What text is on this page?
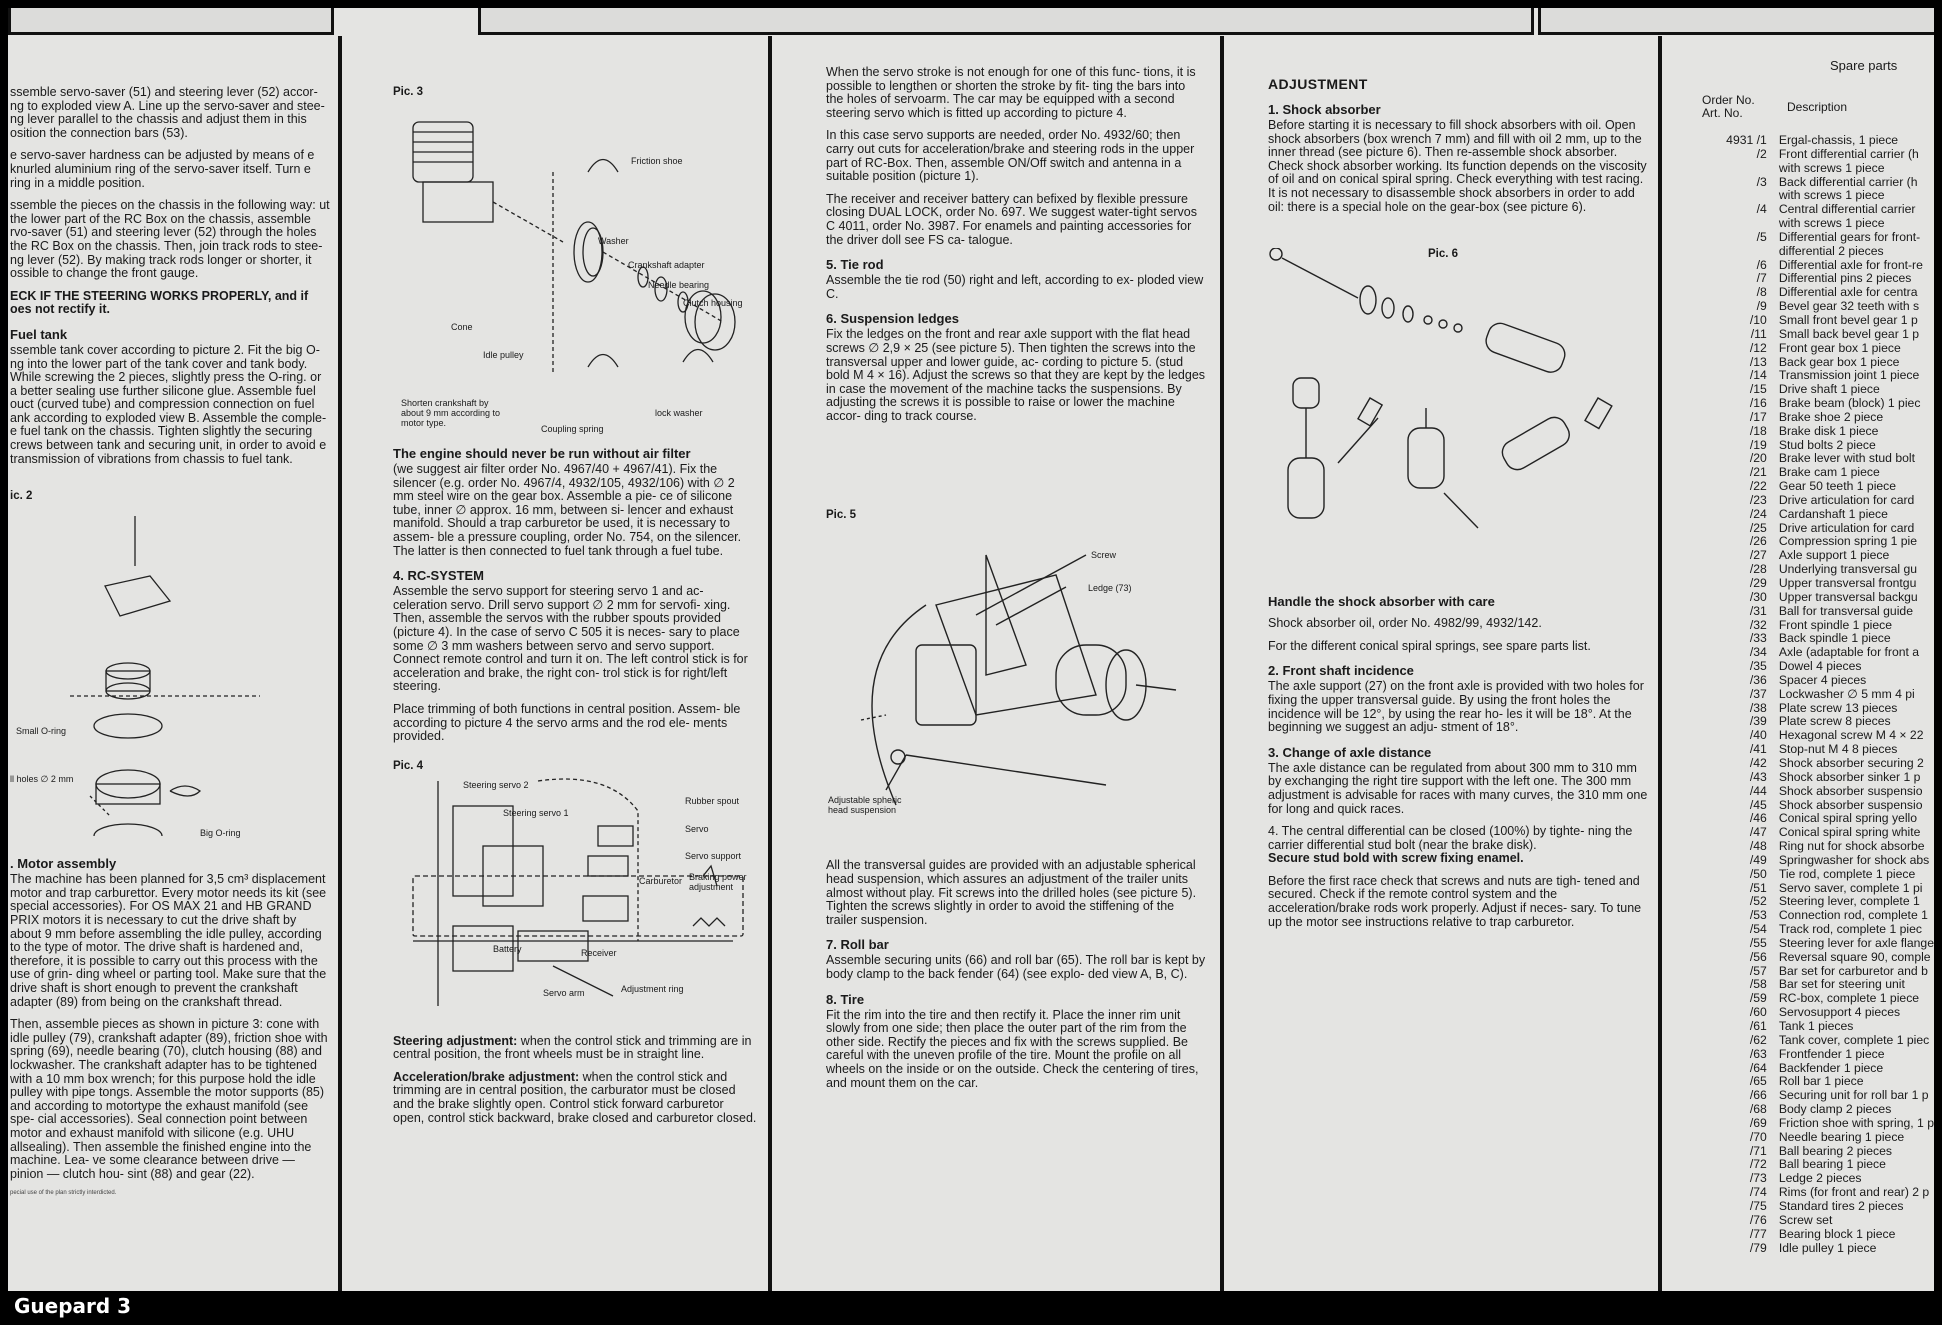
ssemble servo-saver (51) and steering lever (52) accor- ng to exploded view A. Line up the servo-saver and stee- ng lever parallel to the chassis and adjust them in this osition the connection bars (53).

e servo-saver hardness can be adjusted by means of e knurled aluminium ring of the servo-saver itself. Turn e ring in a middle position.

ssemble the pieces on the chassis in the following way: ut the lower part of the RC Box on the chassis, assemble rvo-saver (51) and steering lever (52) through the holes the RC Box on the chassis. Then, join track rods to stee- ng lever (52). By making track rods longer or shorter, it ossible to change the front gauge.

ECK IF THE STEERING WORKS PROPERLY, and if oes not rectify it.

Fuel tank

ssemble tank cover according to picture 2. Fit the big O- ng into the lower part of the tank cover and tank body. While screwing the 2 pieces, slightly press the O-ring. or a better sealing use further silicone glue. Assemble fuel ouct (curved tube) and compression connection on fuel ank according to exploded view B. Assemble the comple- e fuel tank on the chassis. Tighten slightly the securing crews between tank and securing unit, in order to avoid e transmission of vibrations from chassis to fuel tank.

ic. 2
Small O-ring
ll holes ∅ 2 mm
Big O-ring
. Motor assembly

The machine has been planned for 3,5 cm³ displacement motor and trap carburettor. Every motor needs its kit (see special accessories). For OS MAX 21 and HB GRAND PRIX motors it is necessary to cut the drive shaft by about 9 mm before assembling the idle pulley, according to the type of motor. The drive shaft is hardened and, therefore, it is possible to carry out this process with the use of grin- ding wheel or parting tool. Make sure that the drive shaft is short enough to prevent the crankshaft adapter (89) from being on the crankshaft thread.

Then, assemble pieces as shown in picture 3: cone with idle pulley (79), crankshaft adapter (89), friction shoe with spring (69), needle bearing (70), clutch housing (88) and lockwasher. The crankshaft adapter has to be tightened with a 10 mm box wrench; for this purpose hold the idle pulley with pipe tongs. Assemble the motor supports (85) and according to motortype the exhaust manifold (see spe- cial accessories). Seal connection point between motor and exhaust manifold with silicone (e.g. UHU allsealing). Then assemble the finished engine into the machine. Lea- ve some clearance between drive — pinion — clutch hou- sint (88) and gear (22).

pecial use of the plan strictly interdicted.
Pic. 3
Friction shoe
Washer
Crankshaft adapter
Needle bearing
Clutch housing
Cone
Idle pulley
lock washer
Shorten crankshaft by about 9 mm according to motor type.
Coupling spring
The engine should never be run without air filter

(we suggest air filter order No. 4967/40 + 4967/41). Fix the silencer (e.g. order No. 4967/4, 4932/105, 4932/106) with ∅ 2 mm steel wire on the gear box. Assemble a pie- ce of silicone tube, inner ∅ approx. 16 mm, between si- lencer and exhaust manifold. Should a trap carburetor be used, it is necessary to assem- ble a pressure coupling, order No. 754, on the silencer. The latter is then connected to fuel tank through a fuel tube.

4. RC-SYSTEM

Assemble the servo support for steering servo 1 and ac- celeration servo. Drill servo support ∅ 2 mm for servofi- xing. Then, assemble the servos with the rubber spouts provided (picture 4). In the case of servo C 505 it is neces- sary to place some ∅ 3 mm washers between servo and servo support. Connect remote control and turn it on. The left control stick is for acceleration and brake, the right con- trol stick is for right/left steering.

Place trimming of both functions in central position. Assem- ble according to picture 4 the servo arms and the rod ele- ments provided.

Pic. 4
Steering servo 2
Steering servo 1
Rubber spout
Servo
Servo support
Carburetor Braking power adjustment
Battery	Receiver
Servo arm	Adjustment ring

Steering adjustment: when the control stick and trimming are in central position, the front wheels must be in straight line.

Acceleration/brake adjustment: when the control stick and trimming are in central position, the carburator must be closed and the brake slightly open. Control stick forward carburetor open, control stick backward, brake closed and carburetor closed.

When the servo stroke is not enough for one of this func- tions, it is possible to lengthen or shorten the stroke by fit- ting the bars into the holes of servoarm. The car may be equipped with a second steering servo which is fitted up according to picture 4.

In this case servo supports are needed, order No. 4932/60; then carry out cuts for acceleration/brake and steering rods in the upper part of RC-Box. Then, assemble ON/Off switch and antenna in a suitable position (picture 1).

The receiver and receiver battery can befixed by flexible pressure closing DUAL LOCK, order No. 697. We suggest water-tight servos C 4011, order No. 3987. For enamels and painting accessories for the driver doll see FS ca- talogue.

5. Tie rod

Assemble the tie rod (50) right and left, according to ex- ploded view C.

6. Suspension ledges

Fix the ledges on the front and rear axle support with the flat head screws ∅ 2,9 × 25 (see picture 5). Then tighten the screws into the transversal upper and lower guide, ac- cording to picture 5. (stud bold M 4 × 16). Adjust the screws so that they are kept by the ledges in case the movement of the machine tacks the suspensions. By adjusting the screws it is possible to raise or lower the machine accor- ding to track course.

Pic. 5
Screw
Ledge (73)
Adjustable spheric head suspension

All the transversal guides are provided with an adjustable spherical head suspension, which assures an adjustment of the trailer units almost without play. Fit screws into the drilled holes (see picture 5). Tighten the screws slightly in order to avoid the stiffening of the trailer suspension.

7. Roll bar

Assemble securing units (66) and roll bar (65). The roll bar is kept by body clamp to the back fender (64) (see explo- ded view A, B, C).

8. Tire

Fit the rim into the tire and then rectify it. Place the inner rim unit slowly from one side; then place the outer part of the rim from the other side. Rectify the pieces and fix with the screws supplied. Be careful with the uneven profile of the tire. Mount the profile on all wheels on the inside or on the outside. Check the centering of tires, and mount them on the car.

ADJUSTMENT
1. Shock absorber

Before starting it is necessary to fill shock absorbers with oil. Open shock absorbers (box wrench 7 mm) and fill with oil 2 mm, up to the inner thread (see picture 6). Then re-assemble shock absorber. Check shock absorber working. Its function depends on the viscosity of oil and on conical spiral spring. Check everything with test racing. It is not necessary to disassemble shock absorbers in order to add oil: there is a special hole on the gear-box (see picture 6).

Pic. 6
Handle the shock absorber with care

Shock absorber oil, order No. 4982/99, 4932/142.

For the different conical spiral springs, see spare parts list.

2. Front shaft incidence

The axle support (27) on the front axle is provided with two holes for fixing the upper transversal guide. By using the front holes the incidence will be 12°, by using the rear ho- les it will be 18°. At the beginning we suggest an adju- stment of 18°.

3. Change of axle distance

The axle distance can be regulated from about 300 mm to 310 mm by exchanging the right tire support with the left one. The 300 mm adjustment is advisable for races with many curves, the 310 mm one for long and quick races.

4. The central differential can be closed (100%) by tighte- ning the carrier differential stud bolt (near the brake disk).

Secure stud bold with screw fixing enamel.

Before the first race check that screws and nuts are tigh- tened and secured. Check if the remote control system and the acceleration/brake rods work properly. Adjust if neces- sary. To tune up the motor see instructions relative to trap carburetor.

Spare parts
Order No.
Art. No.	Description
4931 /1	Ergal-chassis, 1 piece
/2	Front differential carrier (h
	with screws 1 piece
/3	Back differential carrier (h
	with screws 1 piece
/4	Central differential carrier
	with screws 1 piece
/5	Differential gears for front-
	differential 2 pieces
/6	Differential axle for front-re
/7	Differential pins 2 pieces
/8	Differential axle for centra
/9	Bevel gear 32 teeth with s
/10	Small front bevel gear 1 p
/11	Small back bevel gear 1 p
/12	Front gear box 1 piece
/13	Back gear box 1 piece
/14	Transmission joint 1 piece
/15	Drive shaft 1 piece
/16	Brake beam (block) 1 piec
/17	Brake shoe 2 piece
/18	Brake disk 1 piece
/19	Stud bolts 2 piece
/20	Brake lever with stud bolt
/21	Brake cam 1 piece
/22	Gear 50 teeth 1 piece
/23	Drive articulation for card
/24	Cardanshaft 1 piece
/25	Drive articulation for card
/26	Compression spring 1 pie
/27	Axle support 1 piece
/28	Underlying transversal gu
/29	Upper transversal frontgu
/30	Upper transversal backgu
/31	Ball for transversal guide
/32	Front spindle 1 piece
/33	Back spindle 1 piece
/34	Axle (adaptable for front a
/35	Dowel 4 pieces
/36	Spacer 4 pieces
/37	Lockwasher ∅ 5 mm 4 pi
/38	Plate screw 13 pieces
/39	Plate screw 8 pieces
/40	Hexagonal screw M 4 × 22
/41	Stop-nut M 4 8 pieces
/42	Shock absorber securing 2
/43	Shock absorber sinker 1 p
/44	Shock absorber suspensio
/45	Shock absorber suspensio
/46	Conical spiral spring yello
/47	Conical spiral spring white
/48	Ring nut for shock absorbe
/49	Springwasher for shock abs
/50	Tie rod, complete 1 piece
/51	Servo saver, complete 1 pi
/52	Steering lever, complete 1
/53	Connection rod, complete 1
/54	Track rod, complete 1 piec
/55	Steering lever for axle flange
/56	Reversal square 90, comple
/57	Bar set for carburetor and b
/58	Bar set for steering unit
/59	RC-box, complete 1 piece
/60	Servosupport 4 pieces
/61	Tank 1 pieces
/62	Tank cover, complete 1 piec
/63	Frontfender 1 piece
/64	Backfender 1 piece
/65	Roll bar 1 piece
/66	Securing unit for roll bar 1 p
/68	Body clamp 2 pieces
/69	Friction shoe with spring, 1 p
/70	Needle bearing 1 piece
/71	Ball bearing 2 pieces
/72	Ball bearing 1 piece
/73	Ledge 2 pieces
/74	Rims (for front and rear) 2 p
/75	Standard tires 2 pieces
/76	Screw set
/77	Bearing block 1 piece
/79	Idle pulley 1 piece
Guepard 3
